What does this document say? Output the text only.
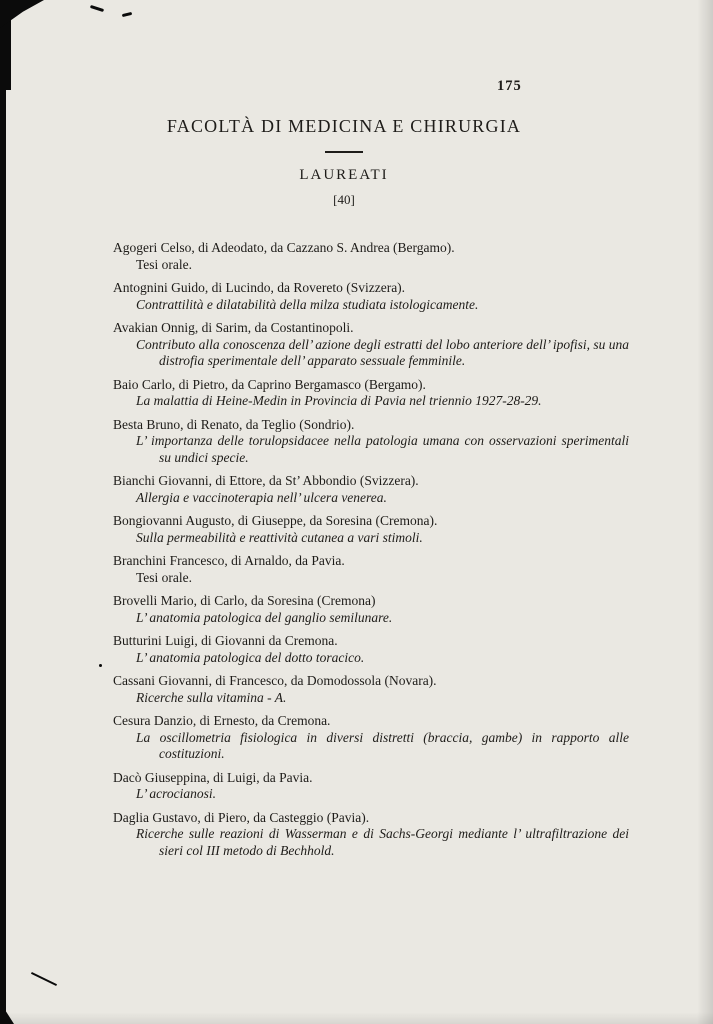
175
FACOLTÀ DI MEDICINA E CHIRURGIA
LAUREATI
[40]
Agogeri Celso, di Adeodato, da Cazzano S. Andrea (Bergamo).
Tesi orale.
Antognini Guido, di Lucindo, da Rovereto (Svizzera).
Contrattilità e dilatabilità della milza studiata istologicamente.
Avakian Onnig, di Sarim, da Costantinopoli.
Contributo alla conoscenza dell’ azione degli estratti del lobo anteriore dell’ ipofisi, su una distrofia sperimentale dell’ apparato sessuale femminile.
Baio Carlo, di Pietro, da Caprino Bergamasco (Bergamo).
La malattia di Heine-Medin in Provincia di Pavia nel triennio 1927-28-29.
Besta Bruno, di Renato, da Teglio (Sondrio).
L’ importanza delle torulopsidacee nella patologia umana con osservazioni sperimentali su undici specie.
Bianchi Giovanni, di Ettore, da St’ Abbondio (Svizzera).
Allergia e vaccinoterapia nell’ ulcera venerea.
Bongiovanni Augusto, di Giuseppe, da Soresina (Cremona).
Sulla permeabilità e reattività cutanea a vari stimoli.
Branchini Francesco, di Arnaldo, da Pavia.
Tesi orale.
Brovelli Mario, di Carlo, da Soresina (Cremona)
L’ anatomia patologica del ganglio semilunare.
Butturini Luigi, di Giovanni da Cremona.
L’ anatomia patologica del dotto toracico.
Cassani Giovanni, di Francesco, da Domodossola (Novara).
Ricerche sulla vitamina - A.
Cesura Danzio, di Ernesto, da Cremona.
La oscillometria fisiologica in diversi distretti (braccia, gambe) in rapporto alle costituzioni.
Dacò Giuseppina, di Luigi, da Pavia.
L’ acrocianosi.
Daglia Gustavo, di Piero, da Casteggio (Pavia).
Ricerche sulle reazioni di Wasserman e di Sachs-Georgi mediante l’ ultrafiltrazione dei sieri col III metodo di Bechhold.
